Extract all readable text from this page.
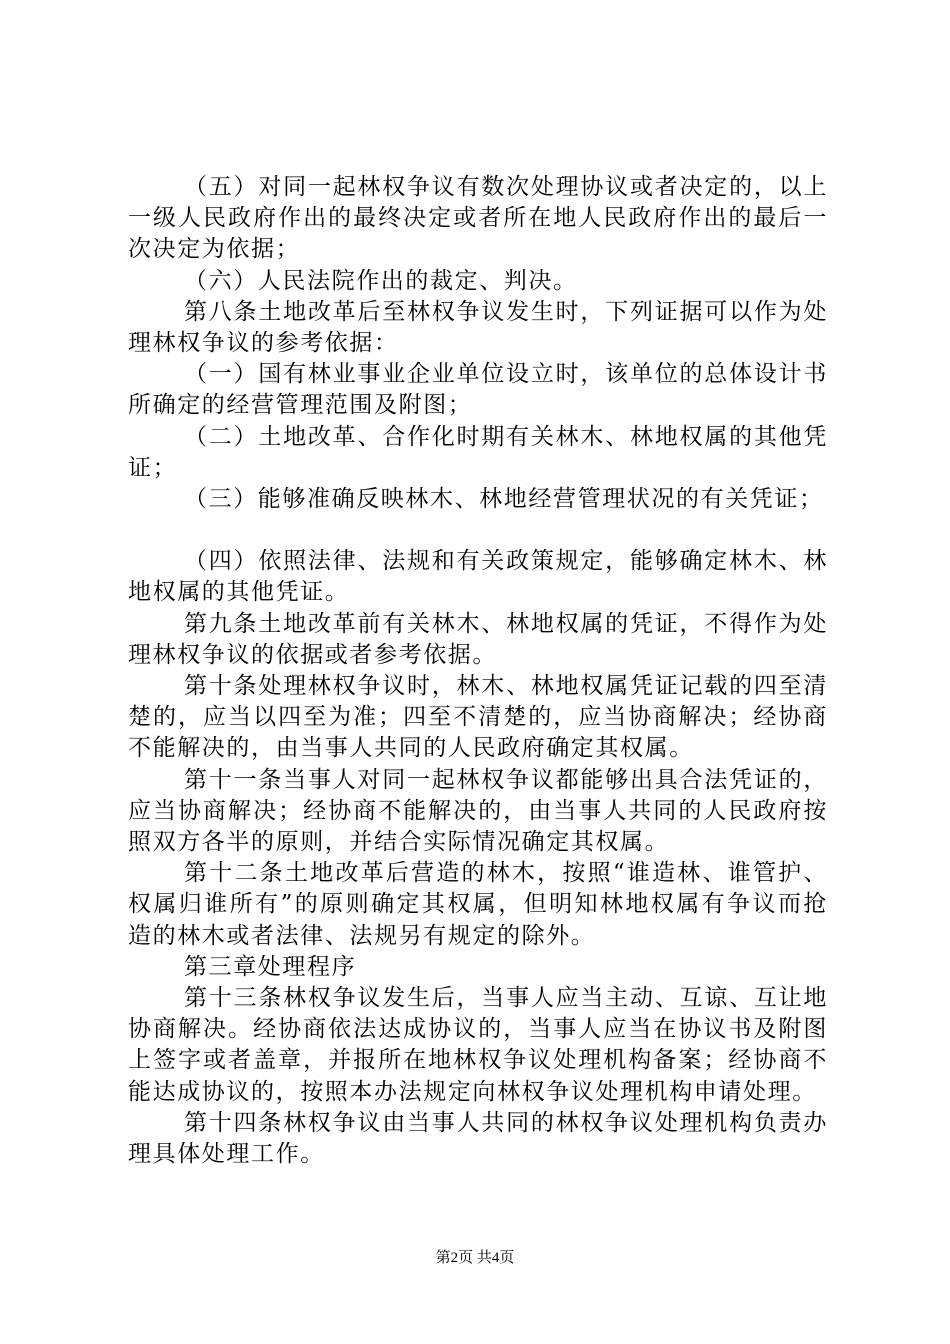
（五）对同一起林权争议有数次处理协议或者决定的，以上一级人民政府作出的最终决定或者所在地人民政府作出的最后一次决定为依据；

（六）人民法院作出的裁定、判决。

第八条土地改革后至林权争议发生时，下列证据可以作为处理林权争议的参考依据：

（一）国有林业事业企业单位设立时，该单位的总体设计书所确定的经营管理范围及附图；

（二）土地改革、合作化时期有关林木、林地权属的其他凭证；

（三）能够准确反映林木、林地经营管理状况的有关凭证；

（四）依照法律、法规和有关政策规定，能够确定林木、林地权属的其他凭证。

第九条土地改革前有关林木、林地权属的凭证，不得作为处理林权争议的依据或者参考依据。

第十条处理林权争议时，林木、林地权属凭证记载的四至清楚的，应当以四至为准；四至不清楚的，应当协商解决；经协商不能解决的，由当事人共同的人民政府确定其权属。

第十一条当事人对同一起林权争议都能够出具合法凭证的，应当协商解决；经协商不能解决的，由当事人共同的人民政府按照双方各半的原则，并结合实际情况确定其权属。

第十二条土地改革后营造的林木，按照“谁造林、谁管护、权属归谁所有”的原则确定其权属，但明知林地权属有争议而抢造的林木或者法律、法规另有规定的除外。

第三章处理程序

第十三条林权争议发生后，当事人应当主动、互谅、互让地协商解决。经协商依法达成协议的，当事人应当在协议书及附图上签字或者盖章，并报所在地林权争议处理机构备案；经协商不能达成协议的，按照本办法规定向林权争议处理机构申请处理。

第十四条林权争议由当事人共同的林权争议处理机构负责办理具体处理工作。

第2页 共4页
